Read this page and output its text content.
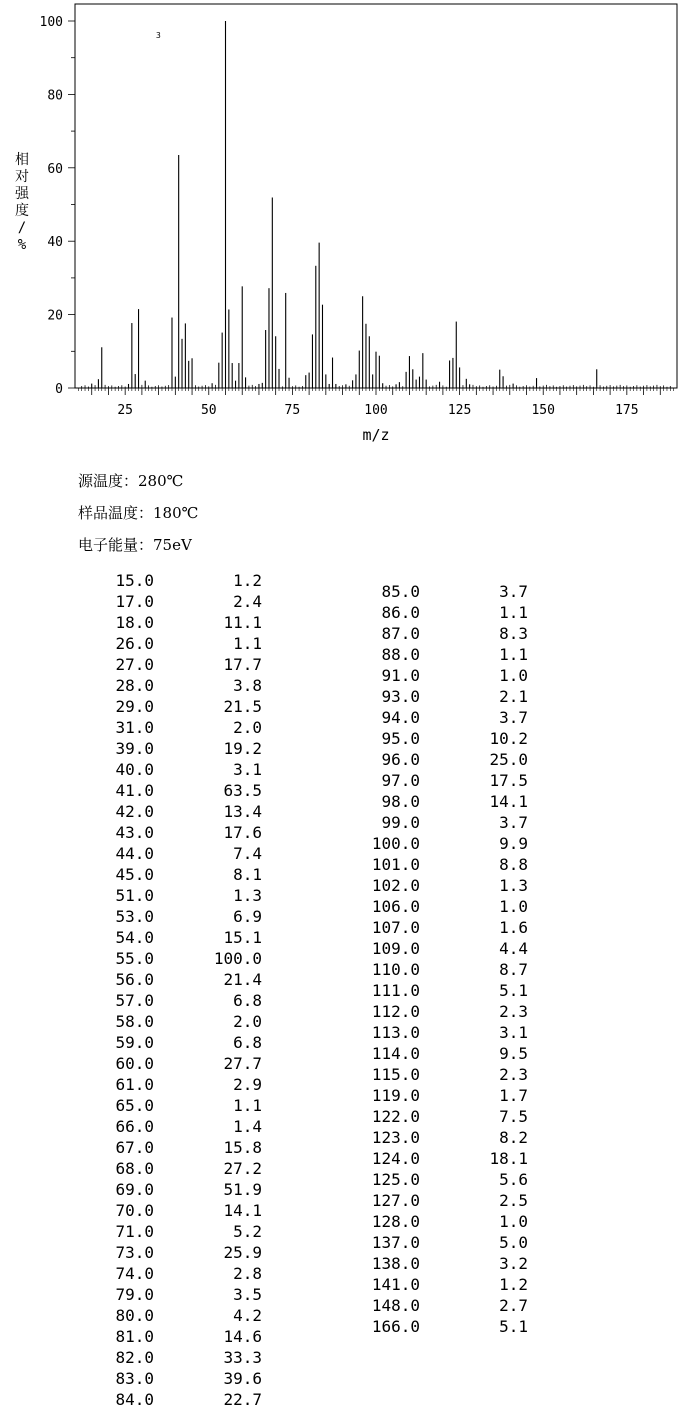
0
20
40
60
80
100
25	50	75	100	125	150	175
3
m/z
相对强度/ %
源温度：280℃
样品温度：180℃
电子能量：75eV
15.0	1.2
17.0	2.4
18.0	11.1
26.0	1.1
27.0	17.7
28.0	3.8
29.0	21.5
31.0	2.0
39.0	19.2
40.0	3.1
41.0	63.5
42.0	13.4
43.0	17.6
44.0	7.4
45.0	8.1
51.0	1.3
53.0	6.9
54.0	15.1
55.0	100.0
56.0	21.4
57.0	6.8
58.0	2.0
59.0	6.8
60.0	27.7
61.0	2.9
65.0	1.1
66.0	1.4
67.0	15.8
68.0	27.2
69.0	51.9
70.0	14.1
71.0	5.2
73.0	25.9
74.0	2.8
79.0	3.5
80.0	4.2
81.0	14.6
82.0	33.3
83.0	39.6
84.0	22.7
85.0	3.7
86.0	1.1
87.0	8.3
88.0	1.1
91.0	1.0
93.0	2.1
94.0	3.7
95.0	10.2
96.0	25.0
97.0	17.5
98.0	14.1
99.0	3.7
100.0	9.9
101.0	8.8
102.0	1.3
106.0	1.0
107.0	1.6
109.0	4.4
110.0	8.7
111.0	5.1
112.0	2.3
113.0	3.1
114.0	9.5
115.0	2.3
119.0	1.7
122.0	7.5
123.0	8.2
124.0	18.1
125.0	5.6
127.0	2.5
128.0	1.0
137.0	5.0
138.0	3.2
141.0	1.2
148.0	2.7
166.0	5.1
